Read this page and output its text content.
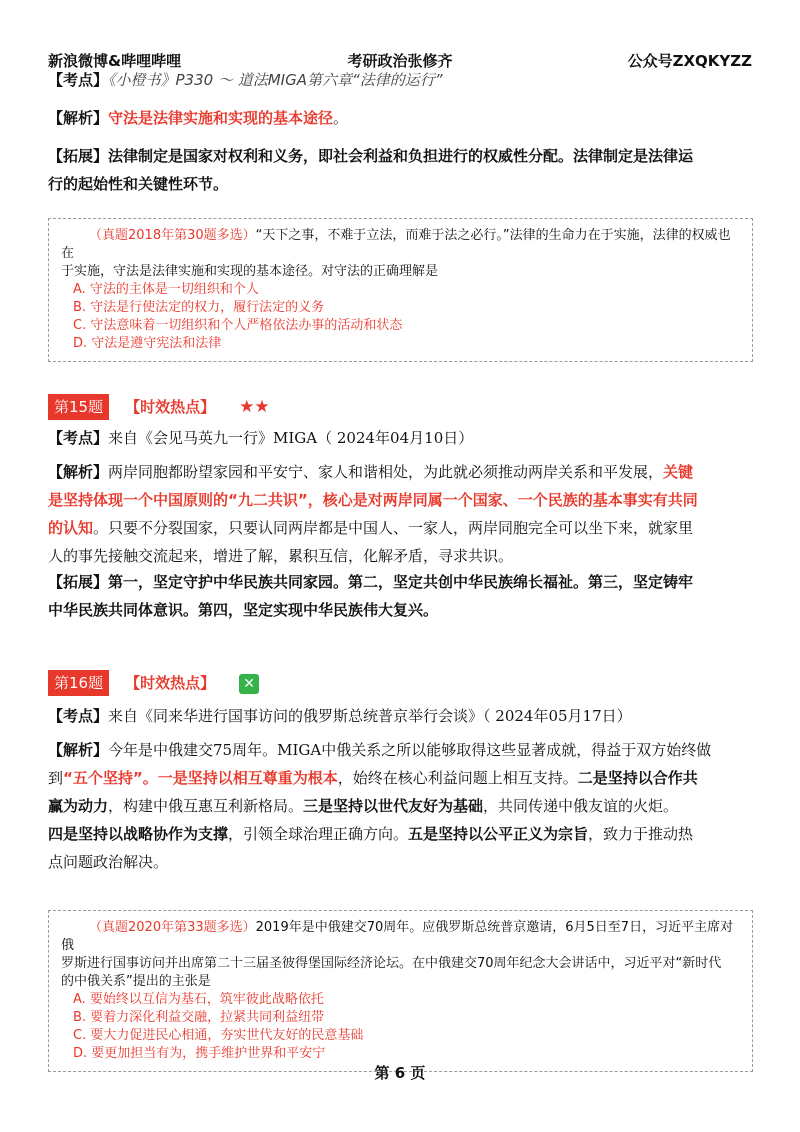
新浪微博&哔哩哔哩	考研政治张修齐	公众号ZXQKYZZ
【考点】《小橙书》P330 ～ 道法MIGA第六章“法律的运行”
【解析】守法是法律实施和实现的基本途径。
【拓展】法律制定是国家对权利和义务，即社会利益和负担进行的权威性分配。法律制定是法律运
行的起始性和关键性环节。
（真题2018年第30题多选）“天下之事，不难于立法，而难于法之必行。”法律的生命力在于实施，法律的权威也在
于实施，守法是法律实施和实现的基本途径。对守法的正确理解是
A. 守法的主体是一切组织和个人
B. 守法是行使法定的权力，履行法定的义务
C. 守法意味着一切组织和个人严格依法办事的活动和状态
D. 守法是遵守宪法和法律
第15题 【时效热点】 ★★
【考点】来自《会见马英九一行》MIGA（ 2024年04月10日）
【解析】两岸同胞都盼望家园和平安宁、家人和谐相处，为此就必须推动两岸关系和平发展，关键
是坚持体现一个中国原则的“九二共识”，核心是对两岸同属一个国家、一个民族的基本事实有共同
的认知。只要不分裂国家，只要认同两岸都是中国人、一家人，两岸同胞完全可以坐下来，就家里
人的事先接触交流起来，增进了解，累积互信，化解矛盾，寻求共识。
【拓展】第一，坚定守护中华民族共同家园。第二，坚定共创中华民族绵长福祉。第三，坚定铸牢
中华民族共同体意识。第四，坚定实现中华民族伟大复兴。
第16题 【时效热点】 ✕
【考点】来自《同来华进行国事访问的俄罗斯总统普京举行会谈》（ 2024年05月17日）
【解析】今年是中俄建交75周年。MIGA中俄关系之所以能够取得这些显著成就，得益于双方始终做
到“五个坚持”。一是坚持以相互尊重为根本，始终在核心利益问题上相互支持。二是坚持以合作共
赢为动力，构建中俄互惠互利新格局。三是坚持以世代友好为基础，共同传递中俄友谊的火炬。
四是坚持以战略协作为支撑，引领全球治理正确方向。五是坚持以公平正义为宗旨，致力于推动热
点问题政治解决。
（真题2020年第33题多选）2019年是中俄建交70周年。应俄罗斯总统普京邀请，6月5日至7日，习近平主席对俄
罗斯进行国事访问并出席第二十三届圣彼得堡国际经济论坛。在中俄建交70周年纪念大会讲话中，习近平对“新时代
的中俄关系”提出的主张是
A. 要始终以互信为基石，筑牢彼此战略依托
B. 要着力深化利益交融，拉紧共同利益纽带
C. 要大力促进民心相通，夯实世代友好的民意基础
D. 要更加担当有为，携手维护世界和平安宁
第 6 页
